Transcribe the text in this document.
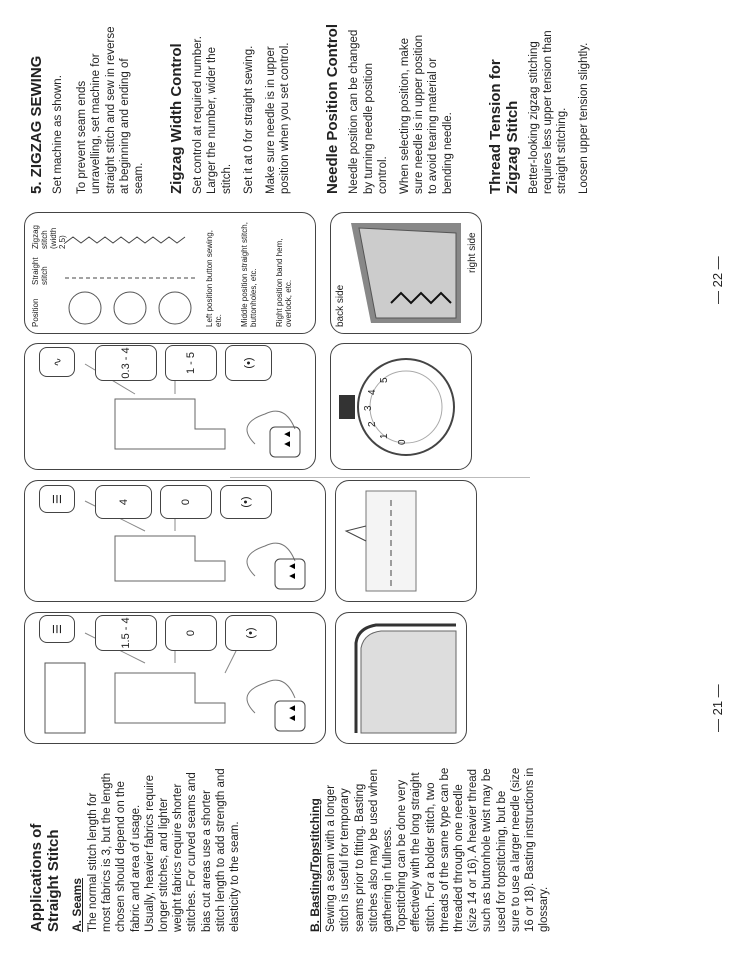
Applications of Straight Stitch A. Seams The normal stitch length for most fabrics is 3, but the length chosen should depend on the fabric and area of usage. Usually, heavier fabrics require longer stitches, and lighter weight fabrics require shorter stitches. For curved seams and bias cut areas use a shorter stitch length to add strength and elasticity to the seam.	B. Basting/Topstitching Sewing a seam with a longer stitch is useful for temporary seams prior to fitting. Basting stitches also may be used when gathering in fullness. Topstitching can be done very effectively with the long straight stitch. For a bolder stitch, two threads of the same type can be threaded through one needle (size 14 or 16). A heavier thread such as buttonhole twist may be used for topstitching, but be sure to use a larger needle (size 16 or 18). Basting instructions in glossary.
▲▲
☰	1.5 - 4	0	(•)
▲▲
☰	4	0	(•)
— 21 —
▲▲
∿	0.3 - 4	1 - 5	(•)
0
1
2
3
4
5
Position
Straight stitch
Zigzag stitch (width 2.5)	Left position button sewing, etc. Middle position straight stitch, buttonholes, etc. Right position band hem, overlock, etc.	back side
right side
— 22 —
5. ZIGZAG SEWING Set machine as shown. To prevent seam ends unravelling, set machine for straight stitch and sew in reverse at beginning and ending of seam. Zigzag Width Control Set control at required number. Larger the number, wider the stitch. Set it at 0 for straight sewing. Make sure needle is in upper position when you set control. Needle Position Control Needle position can be changed by turning needle position control. When selecting position, make sure needle is in upper position to avoid tearing material or bending needle. Thread Tension for Zigzag Stitch Better-looking zigzag stitching requires less upper tension than straight stitching. Loosen upper tension slightly.
